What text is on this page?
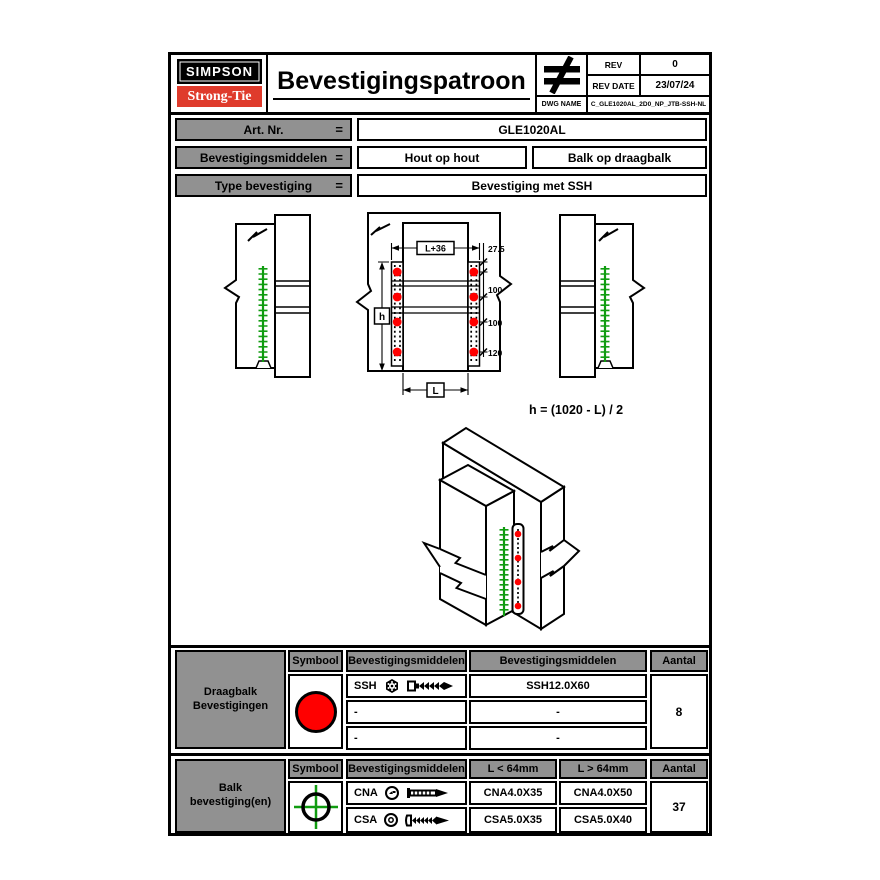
SIMPSON
Strong-Tie
Bevestigingspatroon
DWG NAME
REV	0
REV DATE	23/07/24
C_GLE1020AL_2D0_NP_JTB-SSH-NL
Art. Nr.	=	GLE1020AL
Bevestigingsmiddelen =	Hout op hout	Balk op draagbalk
Type bevestiging =	Bevestiging met SSH
L+36	27.5
100
100
120
h
L
h = (1020 - L) / 2
Draagbalk
Bevestigingen
Symbool Bevestigingsmiddelen	Bevestigingsmiddelen	Aantal
SSH	SSH12.0X60
-	-
-	-
8
Balk
bevestiging(en)
Symbool Bevestigingsmiddelen	L < 64mm	L > 64mm	Aantal
CNA	CNA4.0X35	CNA4.0X50
CSA	CSA5.0X35	CSA5.0X40
37
